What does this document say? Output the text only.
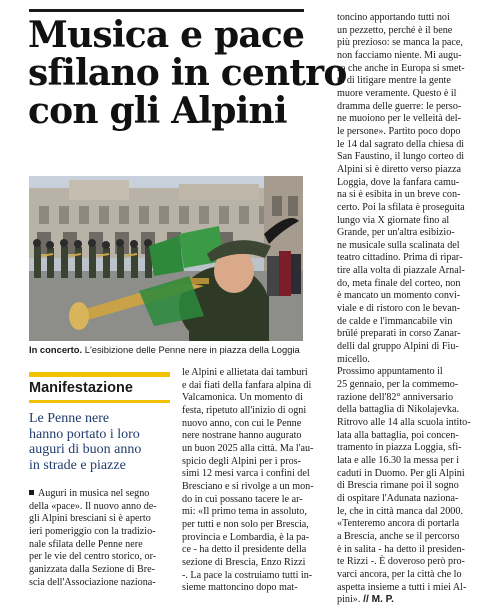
Musica e pace
sfilano in centro
con gli Alpini
In concerto. L'esibizione delle Penne nere in piazza della Loggia
Manifestazione
Le Penne nere
hanno portato i loro
auguri di buon anno
in strade e piazze
Auguri in musica nel segno
della «pace». Il nuovo anno de-
gli Alpini bresciani si è aperto
ieri pomeriggio con la tradizio-
nale sfilata delle Penne nere
per le vie del centro storico, or-
ganizzata dalla Sezione di Bre-
scia dell'Associazione naziona-
le Alpini e allietata dai tamburi
e dai fiati della fanfara alpina di
Valcamonica. Un momento di
festa, ripetuto all'inizio di ogni
nuovo anno, con cui le Penne
nere nostrane hanno augurato
un buon 2025 alla città. Ma l'au-
spicio degli Alpini per i pros-
simi 12 mesi varca i confini del
Bresciano e si rivolge a un mon-
do in cui possano tacere le ar-
mi: «Il primo tema in assoluto,
per tutti e non solo per Brescia,
provincia e Lombardia, è la pa-
ce - ha detto il presidente della
sezione di Brescia, Enzo Rizzi
-. La pace la costruiamo tutti in-
sieme mattoncino dopo mat-
toncino apportando tutti noi
un pezzetto, perché è il bene
più prezioso: se manca la pace,
non facciamo niente. Mi augu-
ro che anche in Europa si smet-
ta di litigare mentre la gente
muore veramente. Questo è il
dramma delle guerre: le perso-
ne muoiono per le velleità del-
le persone». Partito poco dopo
le 14 dal sagrato della chiesa di
San Faustino, il lungo corteo di
Alpini si è diretto verso piazza
Loggia, dove la fanfara camu-
na si è esibita in un breve con-
certo. Poi la sfilata è proseguita
lungo via X giornate fino al
Grande, per un'altra esibizio-
ne musicale sulla scalinata del
teatro cittadino. Prima di ripar-
tire alla volta di piazzale Arnal-
do, meta finale del corteo, non
è mancato un momento convi-
viale e di ristoro con le bevan-
de calde e l'immancabile vin
brülé preparati in corso Zanar-
delli dal gruppo Alpini di Fiu-
micello.
Prossimo appuntamento il
25 gennaio, per la commemo-
razione dell'82° anniversario
della battaglia di Nikolajevka.
Ritrovo alle 14 alla scuola intito-
lata alla battaglia, poi concen-
tramento in piazza Loggia, sfi-
lata e alle 16.30 la messa per i
caduti in Duomo. Per gli Alpini
di Brescia rimane poi il sogno
di ospitare l'Adunata naziona-
le, che in città manca dal 2000.
«Tenteremo ancora di portarla
a Brescia, anche se il percorso
è in salita - ha detto il presiden-
te Rizzi -. È doveroso però pro-
varci ancora, per la città che lo
aspetta insieme a tutti i miei Al-
pini». // M. P.
